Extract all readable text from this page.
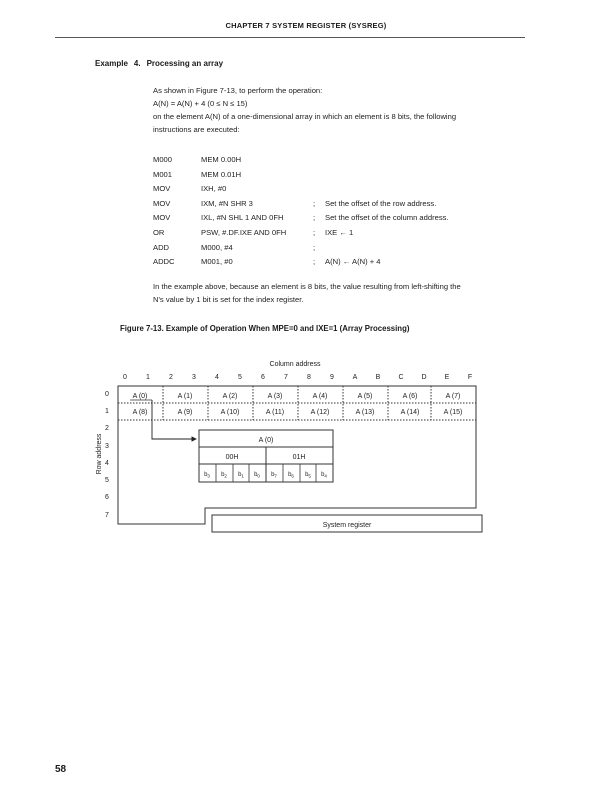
CHAPTER 7 SYSTEM REGISTER (SYSREG)
Example 4. Processing an array
As shown in Figure 7-13, to perform the operation:
A(N) = A(N) + 4 (0 ≤ N ≤ 15)
on the element A(N) of a one-dimensional array in which an element is 8 bits, the following
instructions are executed:
M000	MEM 0.00H
M001	MEM 0.01H
MOV	IXH, #0
MOV	IXM, #N SHR 3	; Set the offset of the row address.
MOV	IXL, #N SHL 1 AND 0FH	; Set the offset of the column address.
OR	PSW, #.DF.IXE AND 0FH	; IXE ← 1
ADD	M000, #4	;
ADDC	M001, #0	; A(N) ← A(N) + 4
In the example above, because an element is 8 bits, the value resulting from left-shifting the
N's value by 1 bit is set for the index register.
Figure 7-13. Example of Operation When MPE=0 and IXE=1 (Array Processing)
Column address
0	1	2	3	4	5	6	7	8	9	A	B	C	D	E	F
0
1
2
3
4
5
6
7
Row address
A (0)	A (1)	A (2)	A (3)	A (4)	A (5)	A (6)	A (7)
A (8)	A (9)	A (10)	A (11)	A (12)	A (13)	A (14)	A (15)
A (0)
00H	01H
$b_3$ $b_2$ $b_1$ $b_0$ $b_7$ $b_6$ $b_5$ $b_4$
System register
58
